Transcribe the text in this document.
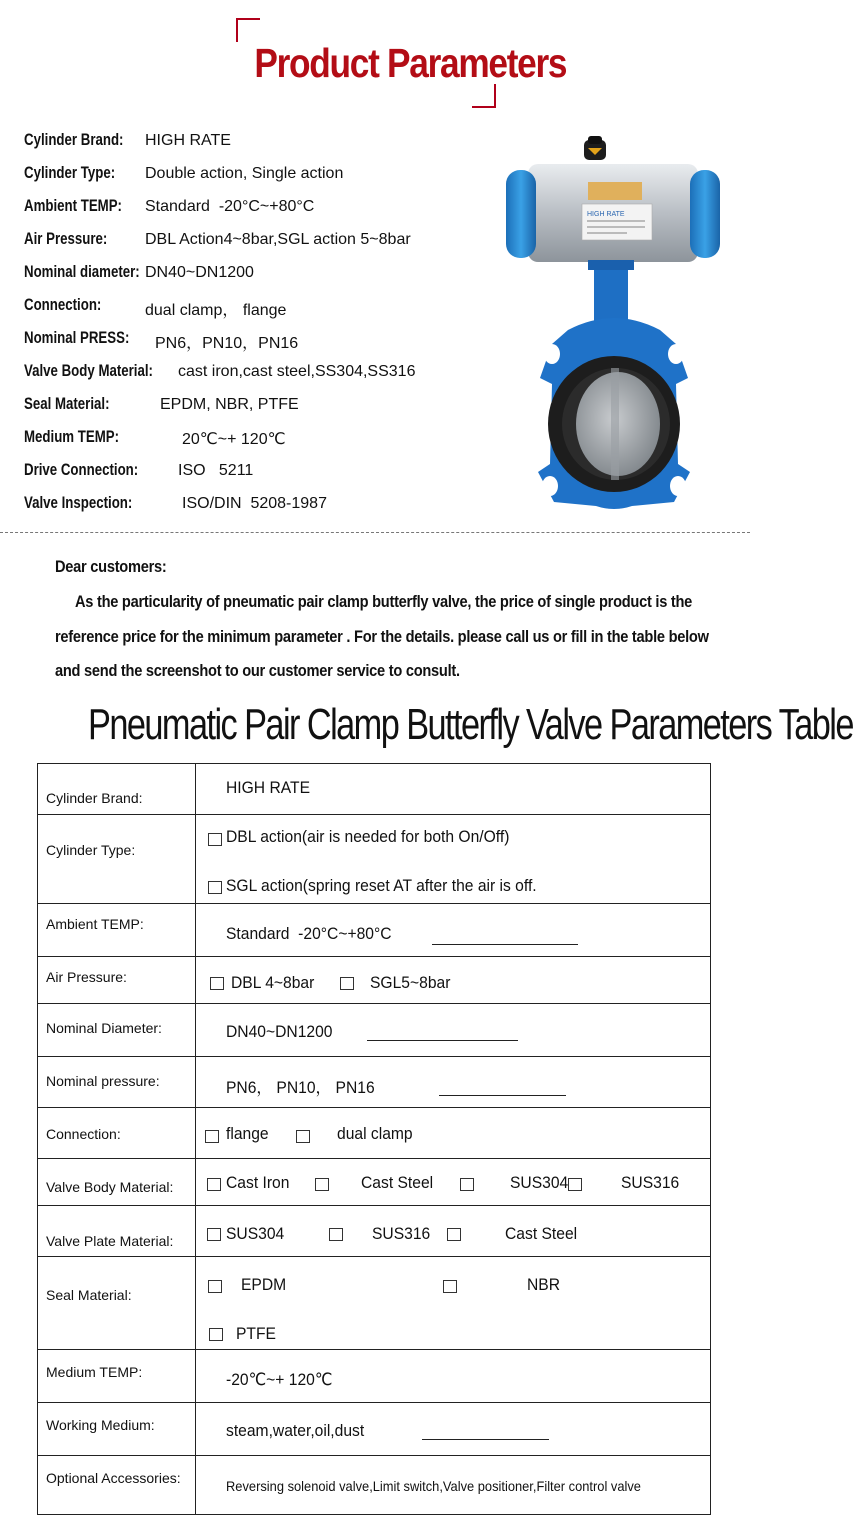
Product Parameters
Cylinder Brand: HIGH RATE
Cylinder Type: Double action, Single action
Ambient TEMP: Standard  -20°C~+80°C
Air Pressure: DBL Action4~8bar,SGL action 5~8bar
Nominal diameter: DN40~DN1200
Connection:	dual clamp， flange
Nominal PRESS: PN6，PN10，PN16
Valve Body Material: cast iron,cast steel,SS304,SS316
Seal Material:	EPDM, NBR, PTFE
Medium TEMP:	20℃~+ 120℃
Drive Connection: ISO   5211
Valve Inspection:	ISO/DIN  5208-1987
HIGH RATE
Dear customers:
As the particularity of pneumatic pair clamp butterfly valve, the price of single product is the
reference price for the minimum parameter . For the details. please call us or fill in the table below
and send the screenshot to our customer service to consult.
Pneumatic Pair Clamp Butterfly Valve Parameters Table
Cylinder Brand:
HIGH RATE
Cylinder Type:
DBL action(air is needed for both On/Off)
SGL action(spring reset AT after the air is off.
Ambient TEMP:	Standard  -20°C~+80°C
Air Pressure:	DBL 4~8bar	SGL5~8bar
Nominal Diameter:	DN40~DN1200
Nominal pressure:	PN6， PN10， PN16
Connection:	flange	dual clamp
Valve Body Material:	Cast Iron	Cast Steel	SUS304	SUS316
Valve Plate Material:	SUS304	SUS316	Cast Steel
Seal Material:
EPDM	NBR
PTFE
Medium TEMP:	-20℃~+ 120℃
Working Medium:	steam,water,oil,dust
Optional Accessories:	Reversing solenoid valve,Limit switch,Valve positioner,Filter control valve
